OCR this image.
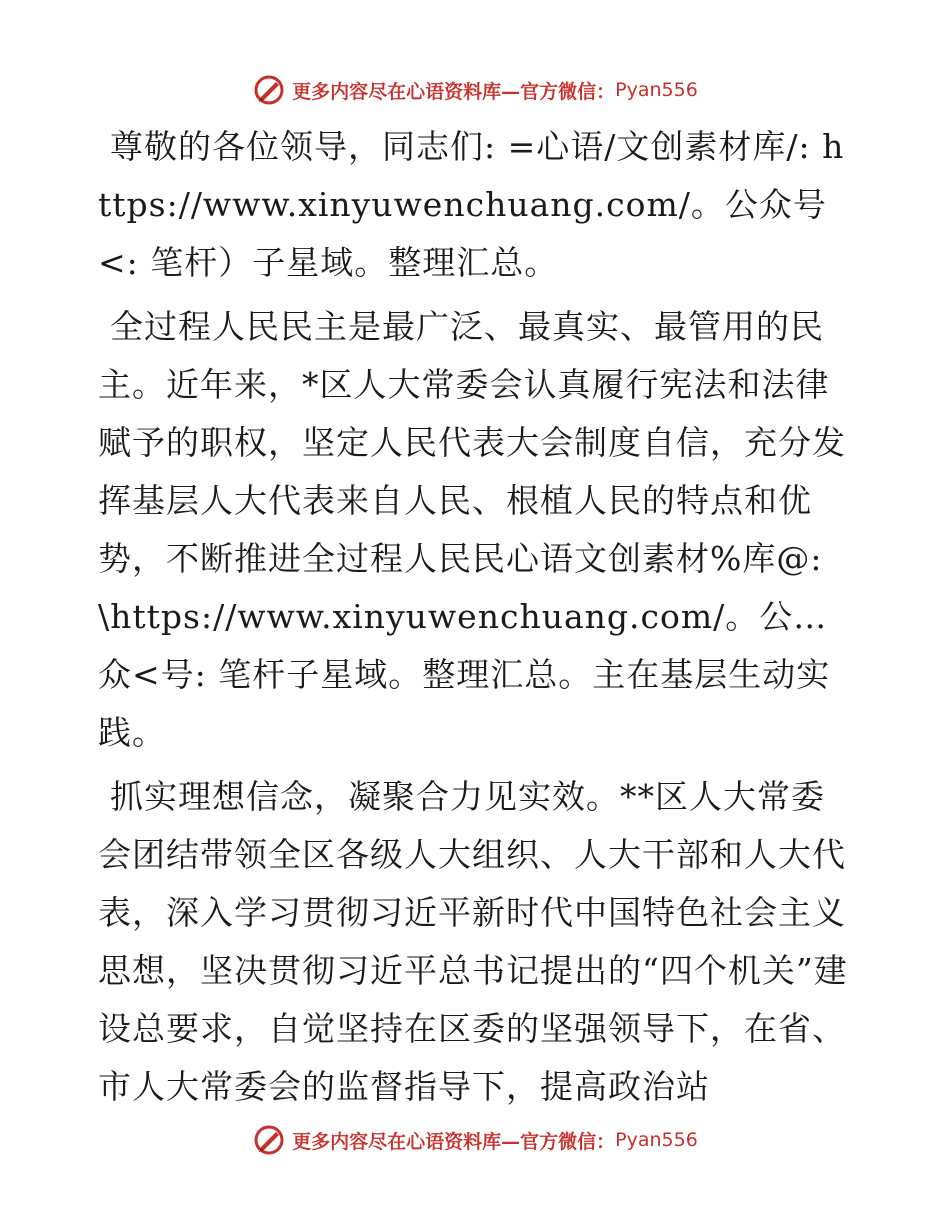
更多内容尽在心语资料库—官方微信： Pyan556

尊敬的各位领导，同志们: =心语/文创素材库/: https://www.xinyuwenchuang.com/。公众号<: 笔杆）子星域。整理汇总。

全过程人民民主是最广泛、最真实、最管用的民主。近年来，*区人大常委会认真履行宪法和法律赋予的职权，坚定人民代表大会制度自信，充分发挥基层人大代表来自人民、根植人民的特点和优势，不断推进全过程人民民心语文创素材%库@: \https://www.xinyuwenchuang.com/。公…众<号: 笔杆子星域。整理汇总。主在基层生动实践。

抓实理想信念，凝聚合力见实效。**区人大常委会团结带领全区各级人大组织、人大干部和人大代表，深入学习贯彻习近平新时代中国特色社会主义思想，坚决贯彻习近平总书记提出的“四个机关”建设总要求，自觉坚持在区委的坚强领导下，在省、市人大常委会的监督指导下，提高政治站

更多内容尽在心语资料库—官方微信： Pyan556
